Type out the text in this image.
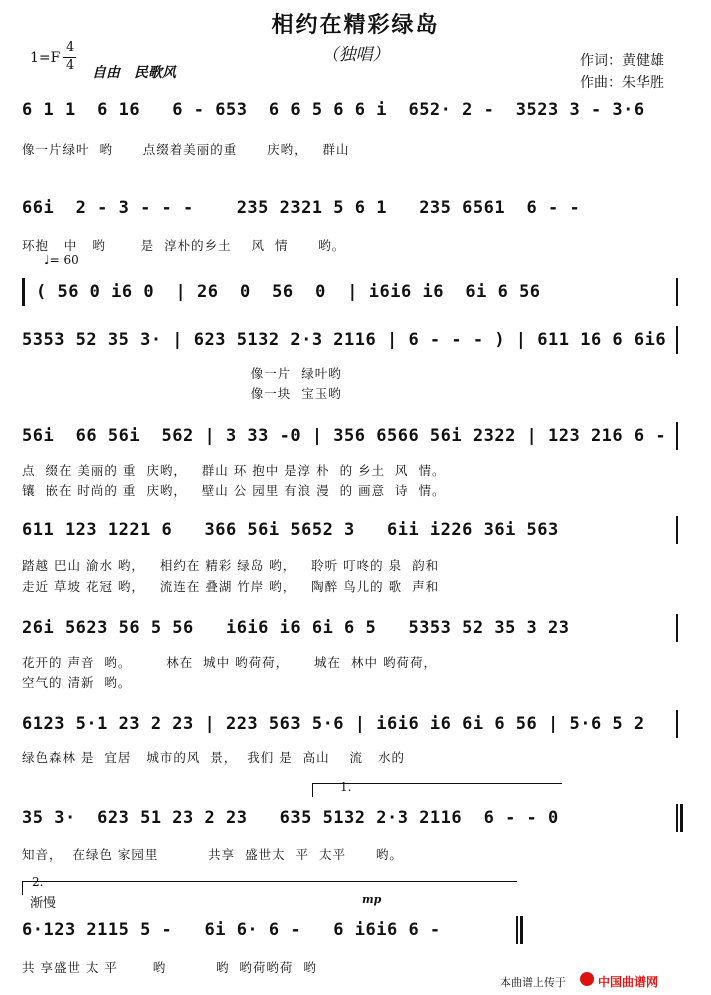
相约在精彩绿岛
（独唱）
1=F
4
4 自由　民歌风
作词：黄健雄
作曲：朱华胜
6 1 1  6 16   6 - 653  6 6 5 6 6 i  652· 2 -  3523 3 - 3·6
像一片绿叶  哟      点缀着美丽的重      庆哟，   群山
66i  2 - 3 - - -    235 2321 5 6 1   235 6561  6 - -
环抱   中   哟       是  淳朴的乡土    风  情      哟。
♩= 60
( 56 0 i6 0  | 26  0  56  0  | i6i6 i6  6i 6 56
5353 52 35 3· | 623 5132 2·3 2116 | 6 - - - ) | 611 16 6 6i6
像一片  绿叶哟
像一块  宝玉哟
56i  66 56i  562 | 3 33 -0 | 356 6566 56i 2322 | 123 216 6 -
点  缀在 美丽的 重  庆哟，   群山 环 抱中 是淳 朴  的 乡土  风  情。
镶  嵌在 时尚的 重  庆哟，   壁山 公 园里 有浪 漫  的 画意  诗  情。
611 123 1221 6   366 56i 5652 3   6ii i226 36i 563
踏越 巴山 渝水 哟，   相约在 精彩 绿岛 哟，   聆听 叮咚的 泉  韵和
走近 草坡 花冠 哟，   流连在 叠湖 竹岸 哟，   陶醉 鸟儿的 歌  声和
26i 5623 56 5 56   i6i6 i6 6i 6 5   5353 52 35 3 23
花开的 声音  哟。       林在  城中 哟荷荷，     城在  林中 哟荷荷，
空气的 清新  哟。
6123 5·1 23 2 23 | 223 563 5·6 | i6i6 i6 6i 6 56 | 5·6 5 2
绿色森林 是  宜居   城市的风  景，  我们 是  高山    流   水的
1.
35 3·  623 51 23 2 23   635 5132 2·3 2116  6 - - 0
知音，  在绿色 家园里          共享  盛世太  平  太平      哟。
2.
渐慢	mp
6·123 2115 5 -   6i 6· 6 -   6 i6i6 6 -
共 享盛世 太 平       哟          哟  哟荷哟荷  哟
本曲谱上传于	中国曲谱网
